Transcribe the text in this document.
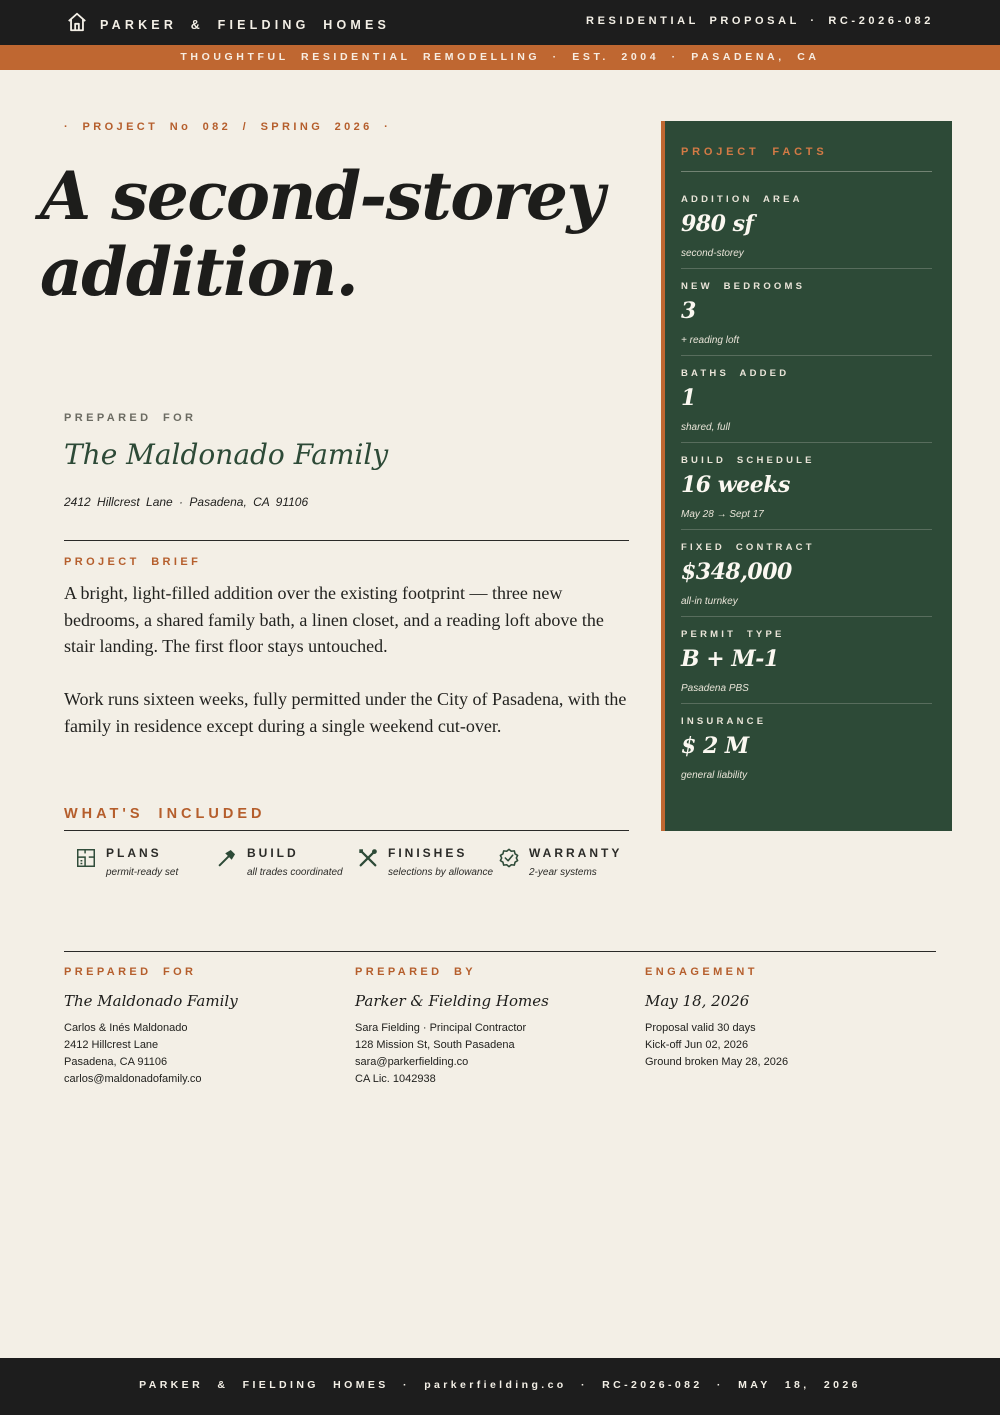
PARKER & FIELDING HOMES	RESIDENTIAL PROPOSAL · RC-2026-082
THOUGHTFUL RESIDENTIAL REMODELLING · EST. 2004 · PASADENA, CA
· PROJECT No 082 / SPRING 2026 ·
A second-storey
addition.
PREPARED FOR
The Maldonado Family
2412 Hillcrest Lane · Pasadena, CA 91106
PROJECT BRIEF

A bright, light-filled addition over the existing footprint — three new bedrooms, a shared family bath, a linen closet, and a reading loft above the stair landing. The first floor stays untouched.

Work runs sixteen weeks, fully permitted under the City of Pasadena, with the family in residence except during a single weekend cut-over.

WHAT'S INCLUDED
PLANS
permit-ready set
BUILD
all trades coordinated
FINISHES
selections by allowance
WARRANTY
2-year systems
PROJECT FACTS
ADDITION AREA
980 sf
second-storey
NEW BEDROOMS
3
+ reading loft
BATHS ADDED
1
shared, full
BUILD SCHEDULE
16 weeks
May 28 → Sept 17
FIXED CONTRACT
$348,000
all-in turnkey
PERMIT TYPE
B + M-1
Pasadena PBS
INSURANCE
$ 2 M
general liability
PREPARED FOR
The Maldonado Family
Carlos & Inés Maldonado
2412 Hillcrest Lane
Pasadena, CA 91106
carlos@maldonadofamily.co
PREPARED BY
Parker & Fielding Homes
Sara Fielding · Principal Contractor
128 Mission St, South Pasadena
sara@parkerfielding.co
CA Lic. 1042938
ENGAGEMENT
May 18, 2026
Proposal valid 30 days
Kick-off Jun 02, 2026
Ground broken May 28, 2026
PARKER & FIELDING HOMES · parkerfielding.co · RC-2026-082 · MAY 18, 2026
